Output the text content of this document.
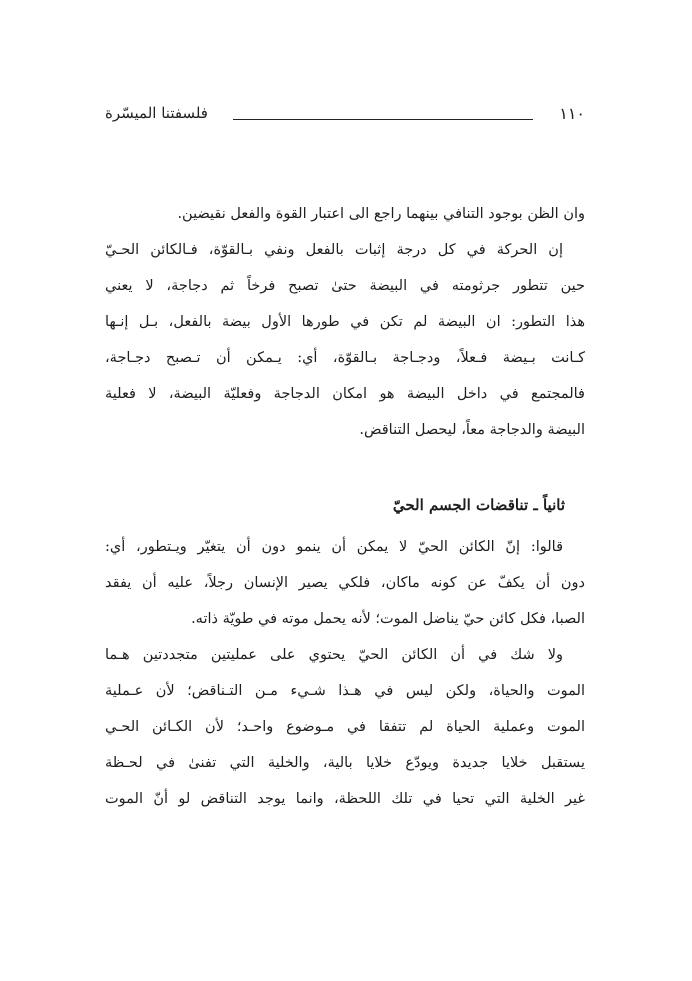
١١٠
فلسفتنا الميسّرة
وان الظن بوجود التنافي بينهما راجع الى اعتبار القوة والفعل نقيضين.
إن الحركة في كل درجة إثبات بالفعل ونفي بـالقوّة، فـالكائن الحـيّ
حين تتطور جرثومته في البيضة حتىٰ تصبح فرخاً ثم دجاجة، لا يعني
هذا التطور: ان البيضة لم تكن في طورها الأول بيضة بالفعل، بـل إنـها
كـانت بـيضة فـعلاً، ودجـاجة بـالقوّة، أي: يـمكن أن تـصبح دجـاجة،
فالمجتمع في داخل البيضة هو امكان الدجاجة وفعليّة البيضة، لا فعلية
البيضة والدجاجة معاً، ليحصل التناقض.
ثانياً ـ تناقضات الجسم الحيّ
قالوا: إنّ الكائن الحيّ لا يمكن أن ينمو دون أن يتغيّر ويـتطور، أي:
دون أن يكفّ عن كونه ماكان، فلكي يصير الإنسان رجلاً، عليه أن يفقد
الصبا، فكل كائن حيّ يناضل الموت؛ لأنه يحمل موته في طويّة ذاته.
ولا شك في أن الكائن الحيّ يحتوي على عمليتين متجددتين هـما
الموت والحياة، ولكن ليس في هـذا شـيء مـن التـناقض؛ لأن عـملية
الموت وعملية الحياة لم تتفقا في مـوضوع واحـد؛ لأن الكـائن الحـي
يستقبل خلايا جديدة ويودّع خلايا بالية، والخلية التي تفنىٰ في لحـظة
غير الخلية التي تحيا في تلك اللحظة، وانما يوجد التناقض لو أنّ الموت
